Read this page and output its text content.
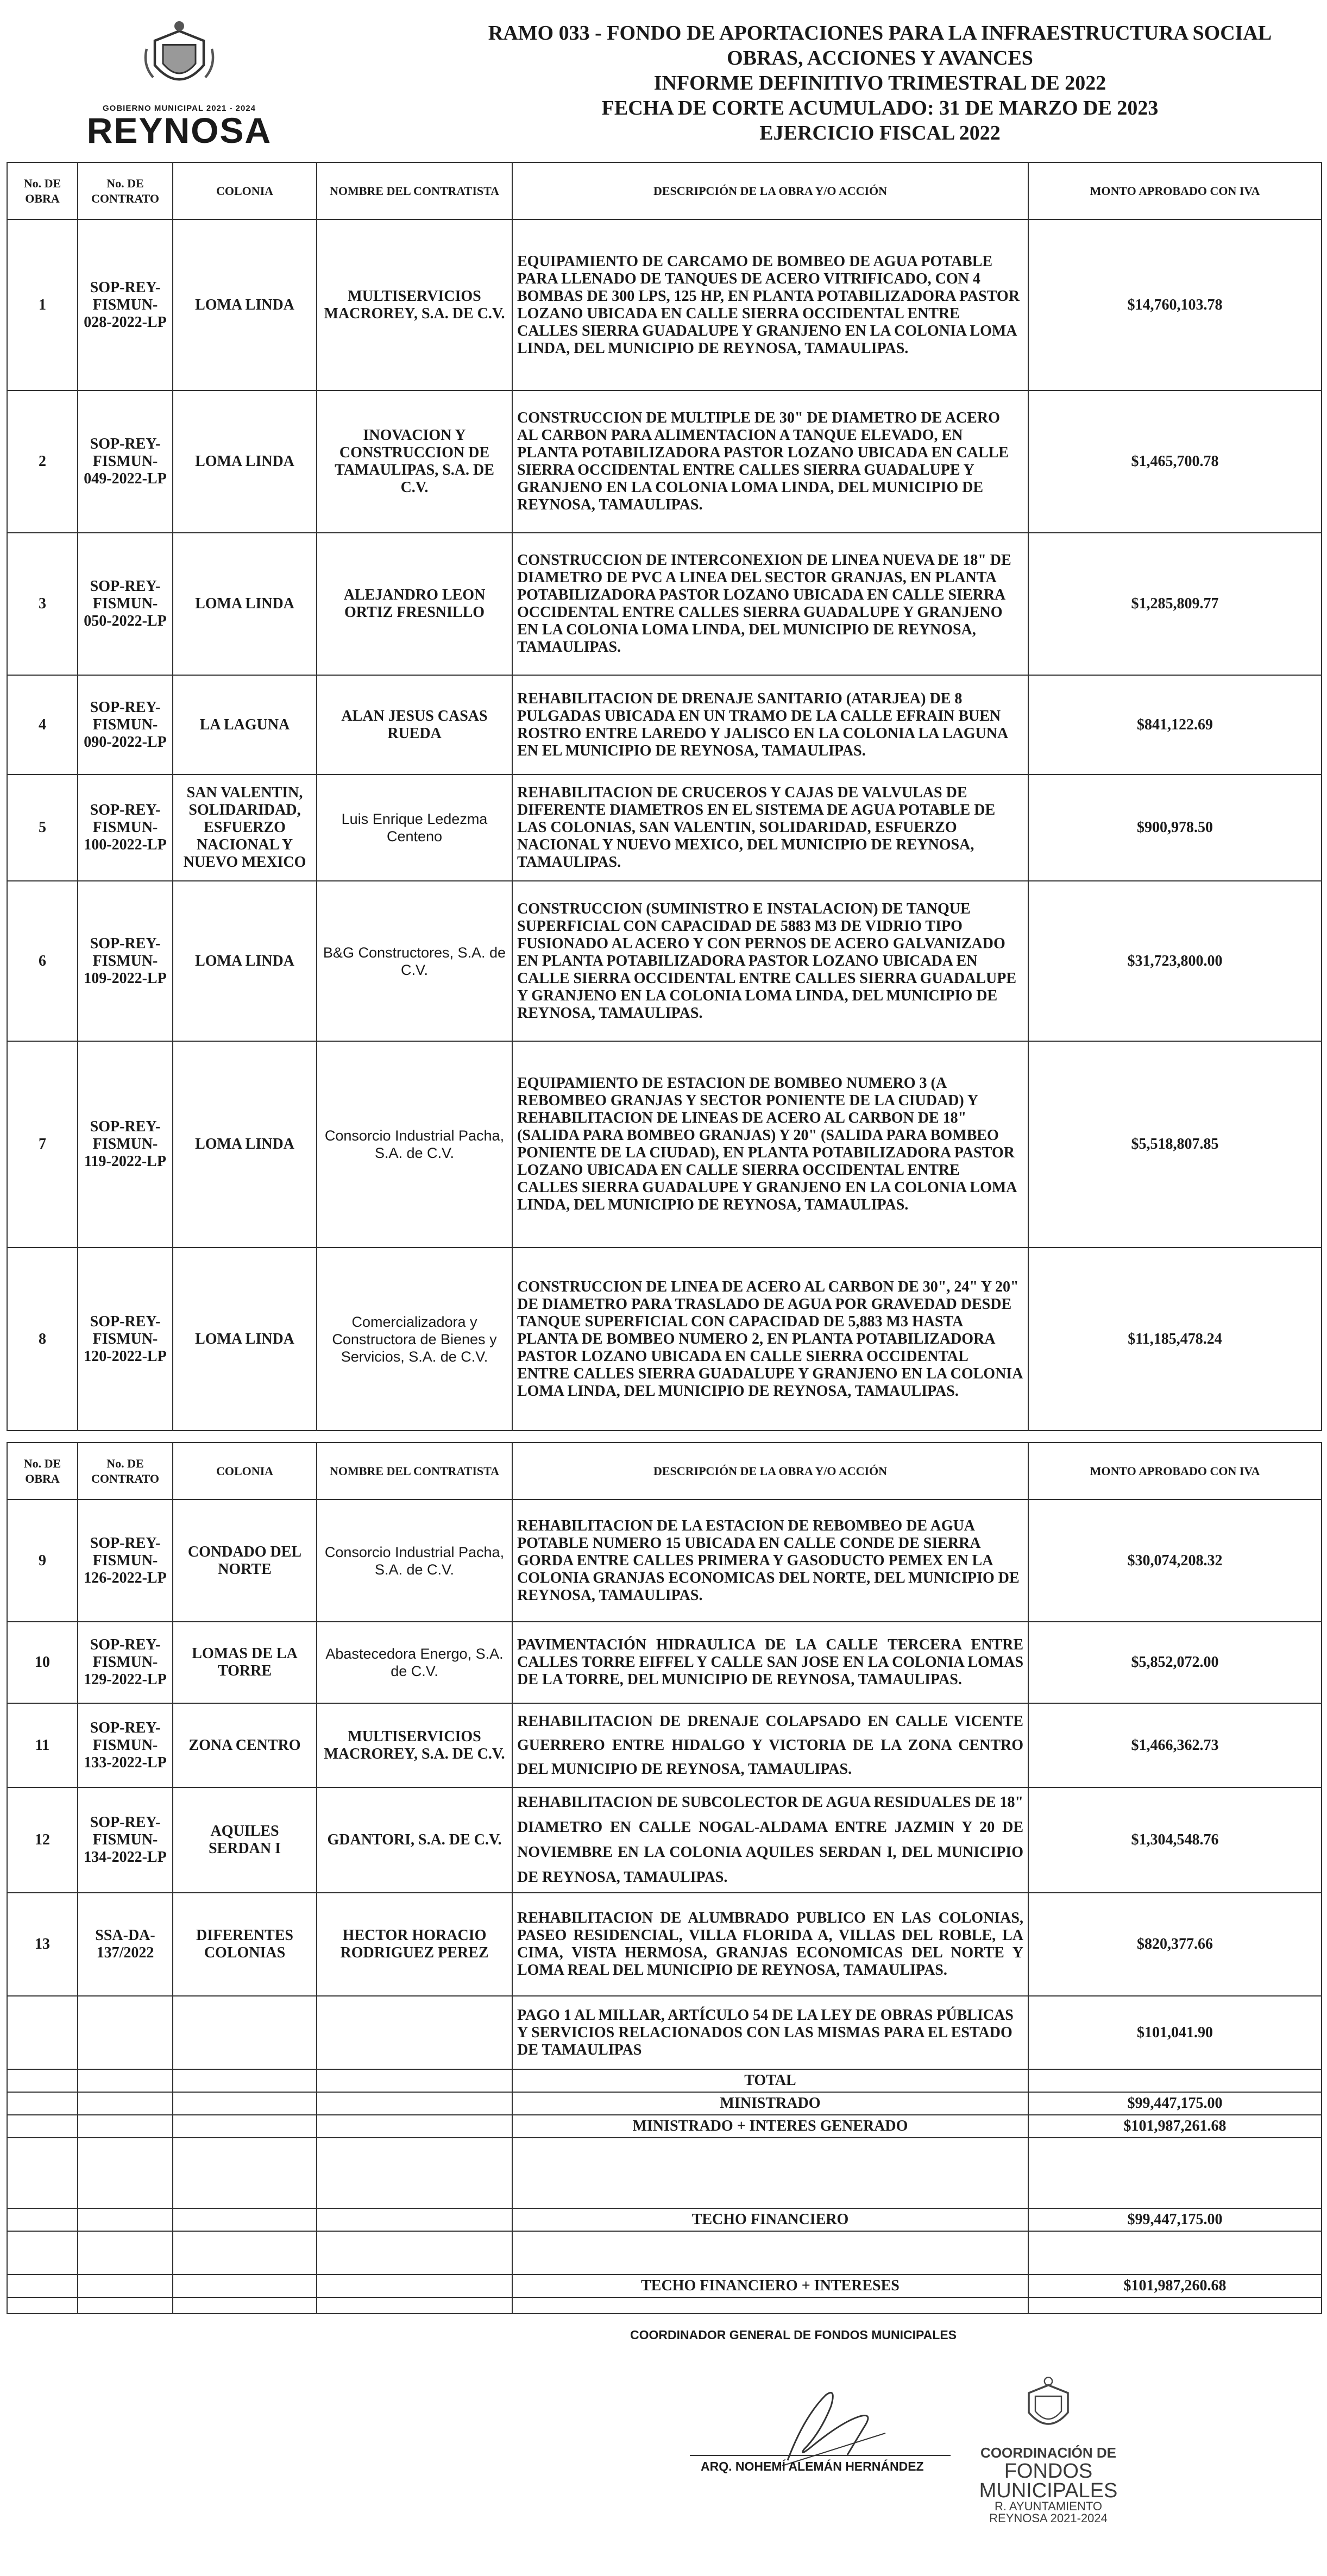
GOBIERNO MUNICIPAL 2021 - 2024
REYNOSA
RAMO 033 - FONDO DE APORTACIONES PARA LA INFRAESTRUCTURA SOCIAL
OBRAS, ACCIONES Y AVANCES
INFORME DEFINITIVO TRIMESTRAL DE 2022
FECHA DE CORTE ACUMULADO: 31 DE MARZO DE 2023
EJERCICIO FISCAL 2022
No. DE OBRA	No. DE CONTRATO	COLONIA	NOMBRE DEL CONTRATISTA	DESCRIPCIÓN DE LA OBRA Y/O ACCIÓN	MONTO APROBADO CON IVA
1	SOP-REY-FISMUN-028-2022-LP	LOMA LINDA	MULTISERVICIOS MACROREY, S.A. DE C.V.	EQUIPAMIENTO DE CARCAMO DE BOMBEO DE AGUA POTABLE PARA LLENADO DE TANQUES DE ACERO VITRIFICADO, CON 4 BOMBAS DE 300 LPS, 125 HP, EN PLANTA POTABILIZADORA PASTOR LOZANO UBICADA EN CALLE SIERRA OCCIDENTAL ENTRE CALLES SIERRA GUADALUPE Y GRANJENO EN LA COLONIA LOMA LINDA, DEL MUNICIPIO DE REYNOSA, TAMAULIPAS.	$14,760,103.78
2	SOP-REY-FISMUN-049-2022-LP	LOMA LINDA	INOVACION Y CONSTRUCCION DE TAMAULIPAS, S.A. DE C.V.	CONSTRUCCION DE MULTIPLE DE 30" DE DIAMETRO DE ACERO AL CARBON PARA ALIMENTACION A TANQUE ELEVADO, EN PLANTA POTABILIZADORA PASTOR LOZANO UBICADA EN CALLE SIERRA OCCIDENTAL ENTRE CALLES SIERRA GUADALUPE Y GRANJENO EN LA COLONIA LOMA LINDA, DEL MUNICIPIO DE REYNOSA, TAMAULIPAS.	$1,465,700.78
3	SOP-REY-FISMUN-050-2022-LP	LOMA LINDA	ALEJANDRO LEON ORTIZ FRESNILLO	CONSTRUCCION DE INTERCONEXION DE LINEA NUEVA DE 18" DE DIAMETRO DE PVC A LINEA DEL SECTOR GRANJAS, EN PLANTA POTABILIZADORA PASTOR LOZANO UBICADA EN CALLE SIERRA OCCIDENTAL ENTRE CALLES SIERRA GUADALUPE Y GRANJENO EN LA COLONIA LOMA LINDA, DEL MUNICIPIO DE REYNOSA, TAMAULIPAS.	$1,285,809.77
4	SOP-REY-FISMUN-090-2022-LP	LA LAGUNA	ALAN JESUS CASAS RUEDA	REHABILITACION DE DRENAJE SANITARIO (ATARJEA) DE 8 PULGADAS UBICADA EN UN TRAMO DE LA CALLE EFRAIN BUEN ROSTRO ENTRE LAREDO Y JALISCO EN LA COLONIA LA LAGUNA EN EL MUNICIPIO DE REYNOSA, TAMAULIPAS.	$841,122.69
5	SOP-REY-FISMUN-100-2022-LP	SAN VALENTIN, SOLIDARIDAD, ESFUERZO NACIONAL Y NUEVO MEXICO	Luis Enrique Ledezma Centeno	REHABILITACION DE CRUCEROS Y CAJAS DE VALVULAS DE DIFERENTE DIAMETROS EN EL SISTEMA DE AGUA POTABLE DE LAS COLONIAS, SAN VALENTIN, SOLIDARIDAD, ESFUERZO NACIONAL Y NUEVO MEXICO, DEL MUNICIPIO DE REYNOSA, TAMAULIPAS.	$900,978.50
6	SOP-REY-FISMUN-109-2022-LP	LOMA LINDA	B&G Constructores, S.A. de C.V.	CONSTRUCCION (SUMINISTRO E INSTALACION) DE TANQUE SUPERFICIAL CON CAPACIDAD DE 5883 M3 DE VIDRIO TIPO FUSIONADO AL ACERO Y CON PERNOS DE ACERO GALVANIZADO EN PLANTA POTABILIZADORA PASTOR LOZANO UBICADA EN CALLE SIERRA OCCIDENTAL ENTRE CALLES SIERRA GUADALUPE Y GRANJENO EN LA COLONIA LOMA LINDA, DEL MUNICIPIO DE REYNOSA, TAMAULIPAS.	$31,723,800.00
7	SOP-REY-FISMUN-119-2022-LP	LOMA LINDA	Consorcio Industrial Pacha, S.A. de C.V.	EQUIPAMIENTO DE ESTACION DE BOMBEO NUMERO 3 (A REBOMBEO GRANJAS Y SECTOR PONIENTE DE LA CIUDAD) Y REHABILITACION DE LINEAS DE ACERO AL CARBON DE 18" (SALIDA PARA BOMBEO GRANJAS) Y 20" (SALIDA PARA BOMBEO PONIENTE DE LA CIUDAD), EN PLANTA POTABILIZADORA PASTOR LOZANO UBICADA EN CALLE SIERRA OCCIDENTAL ENTRE CALLES SIERRA GUADALUPE Y GRANJENO EN LA COLONIA LOMA LINDA, DEL MUNICIPIO DE REYNOSA, TAMAULIPAS.	$5,518,807.85
8	SOP-REY-FISMUN-120-2022-LP	LOMA LINDA	Comercializadora y Constructora de Bienes y Servicios, S.A. de C.V.	CONSTRUCCION DE LINEA DE ACERO AL CARBON DE 30", 24" Y 20" DE DIAMETRO PARA TRASLADO DE AGUA POR GRAVEDAD DESDE TANQUE SUPERFICIAL CON CAPACIDAD DE 5,883 M3 HASTA PLANTA DE BOMBEO NUMERO 2, EN PLANTA POTABILIZADORA PASTOR LOZANO UBICADA EN CALLE SIERRA OCCIDENTAL ENTRE CALLES SIERRA GUADALUPE Y GRANJENO EN LA COLONIA LOMA LINDA, DEL MUNICIPIO DE REYNOSA, TAMAULIPAS.	$11,185,478.24
No. DE OBRA	No. DE CONTRATO	COLONIA	NOMBRE DEL CONTRATISTA	DESCRIPCIÓN DE LA OBRA Y/O ACCIÓN	MONTO APROBADO CON IVA
9	SOP-REY-FISMUN-126-2022-LP	CONDADO DEL NORTE	Consorcio Industrial Pacha, S.A. de C.V.	REHABILITACION DE LA ESTACION DE REBOMBEO DE AGUA POTABLE NUMERO 15 UBICADA EN CALLE CONDE DE SIERRA GORDA ENTRE CALLES PRIMERA Y GASODUCTO PEMEX EN LA COLONIA GRANJAS ECONOMICAS DEL NORTE, DEL MUNICIPIO DE REYNOSA, TAMAULIPAS.	$30,074,208.32
10	SOP-REY-FISMUN-129-2022-LP	LOMAS DE LA TORRE	Abastecedora Energo, S.A. de C.V.	PAVIMENTACIÓN HIDRAULICA DE LA CALLE TERCERA ENTRE CALLES TORRE EIFFEL Y CALLE SAN JOSE EN LA COLONIA LOMAS DE LA TORRE, DEL MUNICIPIO DE REYNOSA, TAMAULIPAS.	$5,852,072.00
11	SOP-REY-FISMUN-133-2022-LP	ZONA CENTRO	MULTISERVICIOS MACROREY, S.A. DE C.V.	REHABILITACION DE DRENAJE COLAPSADO EN CALLE VICENTE GUERRERO ENTRE HIDALGO Y VICTORIA DE LA ZONA CENTRO DEL MUNICIPIO DE REYNOSA, TAMAULIPAS.	$1,466,362.73
12	SOP-REY-FISMUN-134-2022-LP	AQUILES SERDAN I	GDANTORI, S.A. DE C.V.	REHABILITACION DE SUBCOLECTOR DE AGUA RESIDUALES DE 18" DIAMETRO EN CALLE NOGAL-ALDAMA ENTRE JAZMIN Y 20 DE NOVIEMBRE EN LA COLONIA AQUILES SERDAN I, DEL MUNICIPIO DE REYNOSA, TAMAULIPAS.	$1,304,548.76
13	SSA-DA-137/2022	DIFERENTES COLONIAS	HECTOR HORACIO RODRIGUEZ PEREZ	REHABILITACION DE ALUMBRADO PUBLICO EN LAS COLONIAS, PASEO RESIDENCIAL, VILLA FLORIDA A, VILLAS DEL ROBLE, LA CIMA, VISTA HERMOSA, GRANJAS ECONOMICAS DEL NORTE Y LOMA REAL DEL MUNICIPIO DE REYNOSA, TAMAULIPAS.	$820,377.66
				PAGO 1 AL MILLAR, ARTÍCULO 54 DE LA LEY DE OBRAS PÚBLICAS Y SERVICIOS RELACIONADOS CON LAS MISMAS PARA EL ESTADO DE TAMAULIPAS	$101,041.90
				TOTAL	
				MINISTRADO	$99,447,175.00
				MINISTRADO + INTERES GENERADO	$101,987,261.68

				TECHO FINANCIERO	$99,447,175.00

				TECHO FINANCIERO + INTERESES	$101,987,260.68

COORDINADOR GENERAL DE FONDOS MUNICIPALES
ARQ. NOHEMÍ ALEMÁN HERNÁNDEZ
COORDINACIÓN DE
FONDOS
MUNICIPALES
R. AYUNTAMIENTO
REYNOSA 2021-2024
